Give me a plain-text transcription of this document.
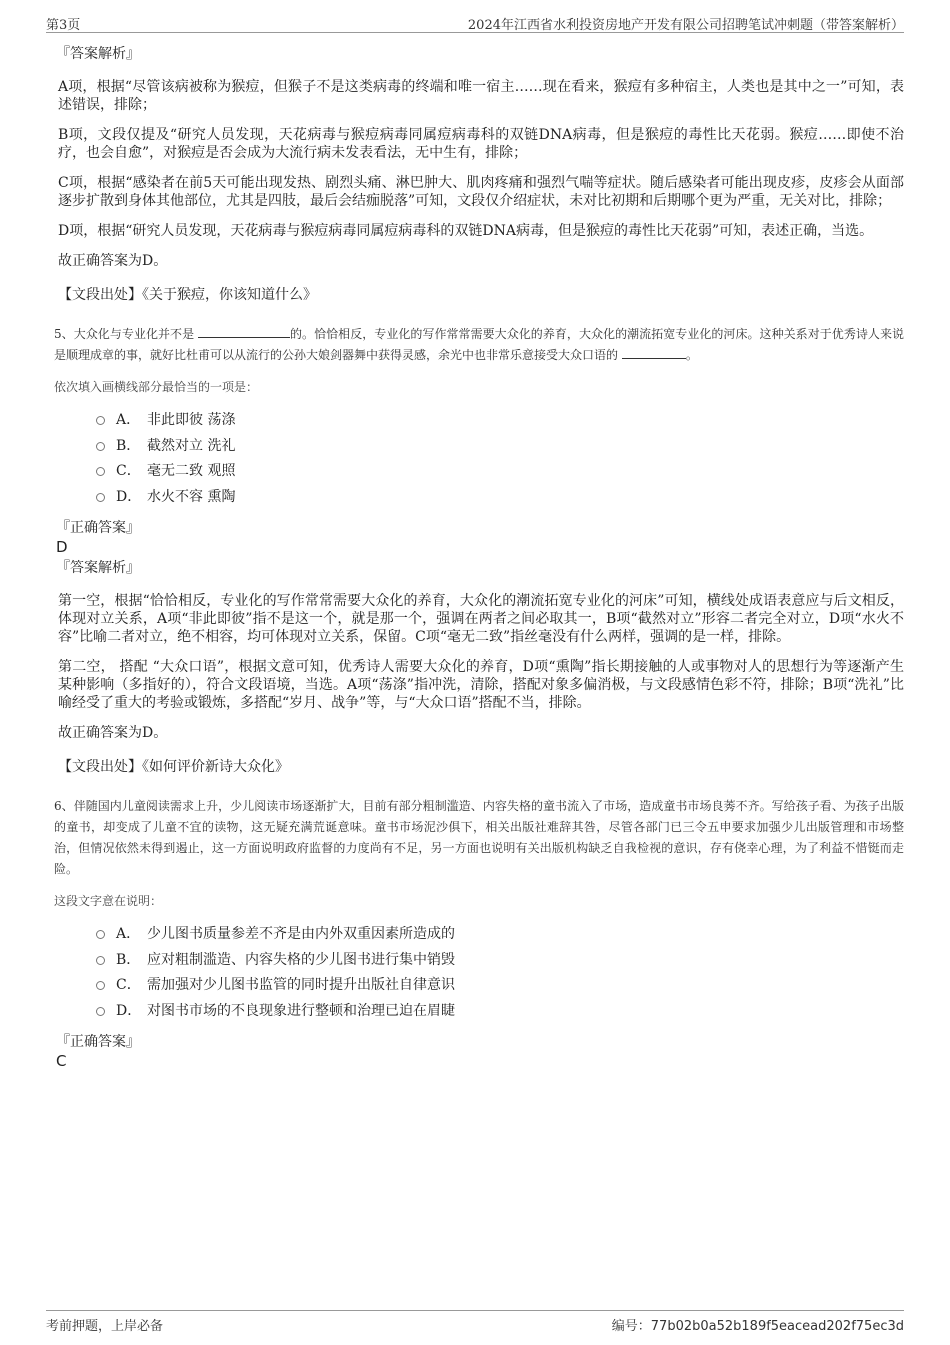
第3页	2024年江西省水利投资房地产开发有限公司招聘笔试冲刺题（带答案解析）

『答案解析』

A项，根据“尽管该病被称为猴痘，但猴子不是这类病毒的终端和唯一宿主……现在看来，猴痘有多种宿主，人类也是其中之一”可知，表述错误，排除；

B项，文段仅提及“研究人员发现，天花病毒与猴痘病毒同属痘病毒科的双链DNA病毒，但是猴痘的毒性比天花弱。猴痘……即使不治疗，也会自愈”，对猴痘是否会成为大流行病未发表看法，无中生有，排除；

C项，根据“感染者在前5天可能出现发热、剧烈头痛、淋巴肿大、肌肉疼痛和强烈气喘等症状。随后感染者可能出现皮疹，皮疹会从面部逐步扩散到身体其他部位，尤其是四肢，最后会结痂脱落”可知，文段仅介绍症状，未对比初期和后期哪个更为严重，无关对比，排除；

D项，根据“研究人员发现，天花病毒与猴痘病毒同属痘病毒科的双链DNA病毒，但是猴痘的毒性比天花弱”可知，表述正确，当选。

故正确答案为D。

【文段出处】《关于猴痘，你该知道什么》

5、大众化与专业化并不是	的。恰恰相反，专业化的写作常常需要大众化的养育，大众化的潮流拓宽专业化的河床。这种关系对于优秀诗人来说是顺理成章的事，就好比杜甫可以从流行的公孙大娘剑器舞中获得灵感，余光中也非常乐意接受大众口语的	。

依次填入画横线部分最恰当的一项是：

A． 非此即彼 荡涤
B． 截然对立 洗礼
C． 毫无二致 观照
D． 水火不容 熏陶

『正确答案』

D

『答案解析』

第一空，根据“恰恰相反，专业化的写作常常需要大众化的养育，大众化的潮流拓宽专业化的河床”可知，横线处成语表意应与后文相反，体现对立关系，A项“非此即彼”指不是这一个，就是那一个，强调在两者之间必取其一，B项“截然对立”形容二者完全对立，D项“水火不容”比喻二者对立，绝不相容，均可体现对立关系，保留。C项“毫无二致”指丝毫没有什么两样，强调的是一样，排除。

第二空， 搭配 “大众口语”，根据文意可知，优秀诗人需要大众化的养育，D项“熏陶”指长期接触的人或事物对人的思想行为等逐渐产生某种影响（多指好的），符合文段语境，当选。A项“荡涤”指冲洗，清除，搭配对象多偏消极，与文段感情色彩不符，排除；B项“洗礼”比喻经受了重大的考验或锻炼，多搭配“岁月、战争”等，与“大众口语”搭配不当，排除。

故正确答案为D。

【文段出处】《如何评价新诗大众化》

6、伴随国内儿童阅读需求上升，少儿阅读市场逐渐扩大，目前有部分粗制滥造、内容失格的童书流入了市场，造成童书市场良莠不齐。写给孩子看、为孩子出版的童书，却变成了儿童不宜的读物，这无疑充满荒诞意味。童书市场泥沙俱下，相关出版社难辞其咎，尽管各部门已三令五申要求加强少儿出版管理和市场整治，但情况依然未得到遏止，这一方面说明政府监督的力度尚有不足，另一方面也说明有关出版机构缺乏自我检视的意识，存有侥幸心理，为了利益不惜铤而走险。

这段文字意在说明：

A． 少儿图书质量参差不齐是由内外双重因素所造成的
B． 应对粗制滥造、内容失格的少儿图书进行集中销毁
C． 需加强对少儿图书监管的同时提升出版社自律意识
D． 对图书市场的不良现象进行整顿和治理已迫在眉睫

『正确答案』

C

考前押题，上岸必备	编号：77b02b0a52b189f5eacead202f75ec3d
